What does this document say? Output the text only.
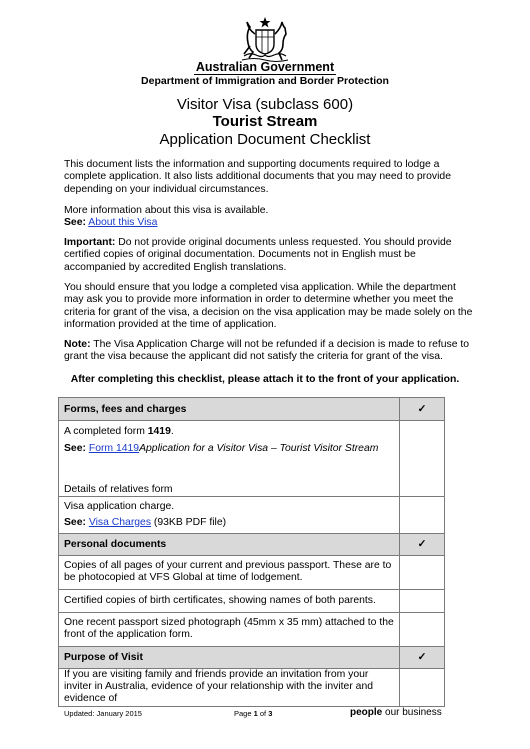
Australian Government
Department of Immigration and Border Protection
Visitor Visa (subclass 600)
Tourist Stream
Application Document Checklist
This document lists the information and supporting documents required to lodge a complete application. It also lists additional documents that you may need to provide depending on your individual circumstances.
More information about this visa is available.
See: About this Visa
Important: Do not provide original documents unless requested. You should provide certified copies of original documentation. Documents not in English must be accompanied by accredited English translations.
You should ensure that you lodge a completed visa application. While the department may ask you to provide more information in order to determine whether you meet the criteria for grant of the visa, a decision on the visa application may be made solely on the information provided at the time of application.
Note: The Visa Application Charge will not be refunded if a decision is made to refuse to grant the visa because the applicant did not satisfy the criteria for grant of the visa.
After completing this checklist, please attach it to the front of your application.
Forms, fees and charges	✓

A completed form 1419.
See: Form 1419Application for a Visitor Visa – Tourist Visitor Stream
Details of relatives form	

Visa application charge.
See: Visa Charges (93KB PDF file)	

Personal documents	✓
Copies of all pages of your current and previous passport. These are to be photocopied at VFS Global at time of lodgement.	
Certified copies of birth certificates, showing names of both parents.	
One recent passport sized photograph (45mm x 35 mm) attached to the front of the application form.	
Purpose of Visit	✓
If you are visiting family and friends provide an invitation from your inviter in Australia, evidence of your relationship with the inviter and evidence of	
Updated: January 2015	Page 1 of 3	people our business
